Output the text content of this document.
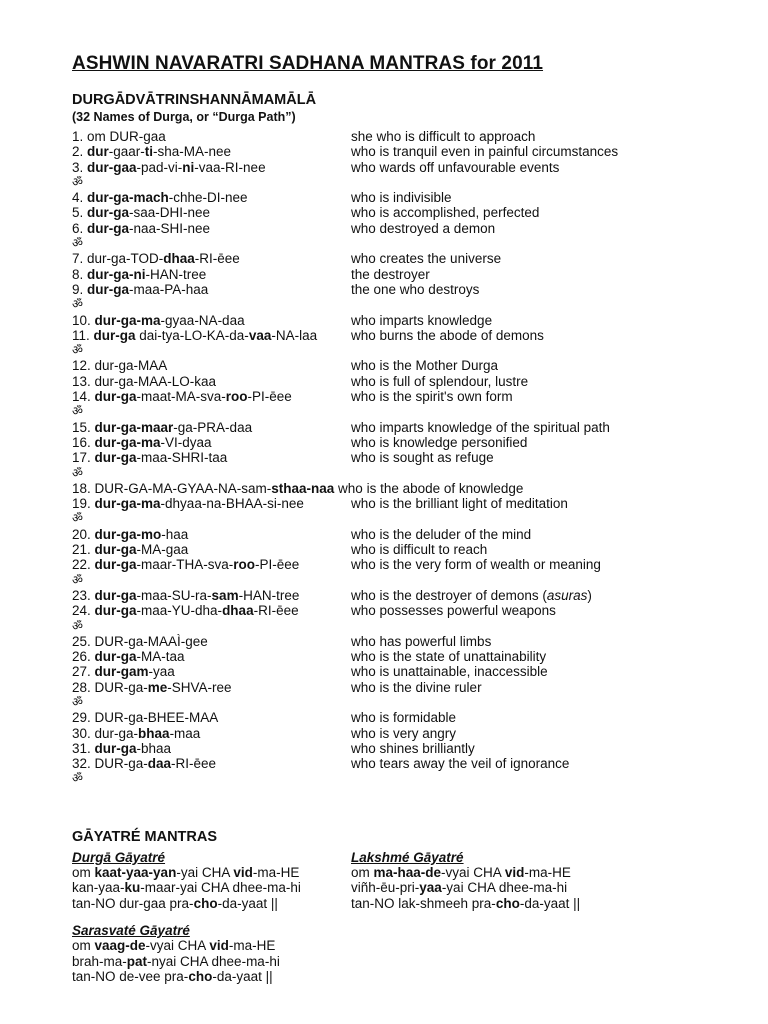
ASHWIN NAVARATRI SADHANA MANTRAS for 2011
DURGĀDVĀTRINSHANNĀMAMĀLĀ
(32 Names of Durga, or “Durga Path”)
1. om DUR-gaa	she who is difficult to approach
2. dur-gaar-ti-sha-MA-nee	who is tranquil even in painful circumstances
3. dur-gaa-pad-vi-ni-vaa-RI-nee	who wards off unfavourable events
ॐ
4. dur-ga-mach-chhe-DI-nee	who is indivisible
5. dur-ga-saa-DHI-nee	who is accomplished, perfected
6. dur-ga-naa-SHI-nee	who destroyed a demon
ॐ
7. dur-ga-TOD-dhaa-RI-ēee	who creates the universe
8. dur-ga-ni-HAN-tree	the destroyer
9. dur-ga-maa-PA-haa	the one who destroys
ॐ
10. dur-ga-ma-gyaa-NA-daa	who imparts knowledge
11. dur-ga dai-tya-LO-KA-da-vaa-NA-laa	who burns the abode of demons
ॐ
12. dur-ga-MAA	who is the Mother Durga
13. dur-ga-MAA-LO-kaa	who is full of splendour, lustre
14. dur-ga-maat-MA-sva-roo-PI-ēee	who is the spirit's own form
ॐ
15. dur-ga-maar-ga-PRA-daa	who imparts knowledge of the spiritual path
16. dur-ga-ma-VI-dyaa	who is knowledge personified
17. dur-ga-maa-SHRI-taa	who is sought as refuge
ॐ
18. DUR-GA-MA-GYAA-NA-sam-sthaa-naa who is the abode of knowledge
19. dur-ga-ma-dhyaa-na-BHAA-si-nee	who is the brilliant light of meditation
ॐ
20. dur-ga-mo-haa	who is the deluder of the mind
21. dur-ga-MA-gaa	who is difficult to reach
22. dur-ga-maar-THA-sva-roo-PI-ēee	who is the very form of wealth or meaning
ॐ
23. dur-ga-maa-SU-ra-sam-HAN-tree	who is the destroyer of demons (asuras)
24. dur-ga-maa-YU-dha-dhaa-RI-ēee	who possesses powerful weapons
ॐ
25. DUR-ga-MAAÌ-gee	who has powerful limbs
26. dur-ga-MA-taa	who is the state of unattainability
27. dur-gam-yaa	who is unattainable, inaccessible
28. DUR-ga-me-SHVA-ree	who is the divine ruler
ॐ
29. DUR-ga-BHEE-MAA	who is formidable
30. dur-ga-bhaa-maa	who is very angry
31. dur-ga-bhaa	who shines brilliantly
32. DUR-ga-daa-RI-ēee	who tears away the veil of ignorance
ॐ
GĀYATRÉ MANTRAS
Durgā Gāyatré
om kaat-yaa-yan-yai CHA vid-ma-HE
kan-yaa-ku-maar-yai CHA dhee-ma-hi
tan-NO dur-gaa pra-cho-da-yaat ||
Sarasvaté Gāyatré
om vaag-de-vyai CHA vid-ma-HE
brah-ma-pat-nyai CHA dhee-ma-hi
tan-NO de-vee pra-cho-da-yaat ||
Lakshmé Gāyatré
om ma-haa-de-vyai CHA vid-ma-HE
viñh-ēu-pri-yaa-yai CHA dhee-ma-hi
tan-NO lak-shmeeh pra-cho-da-yaat ||
